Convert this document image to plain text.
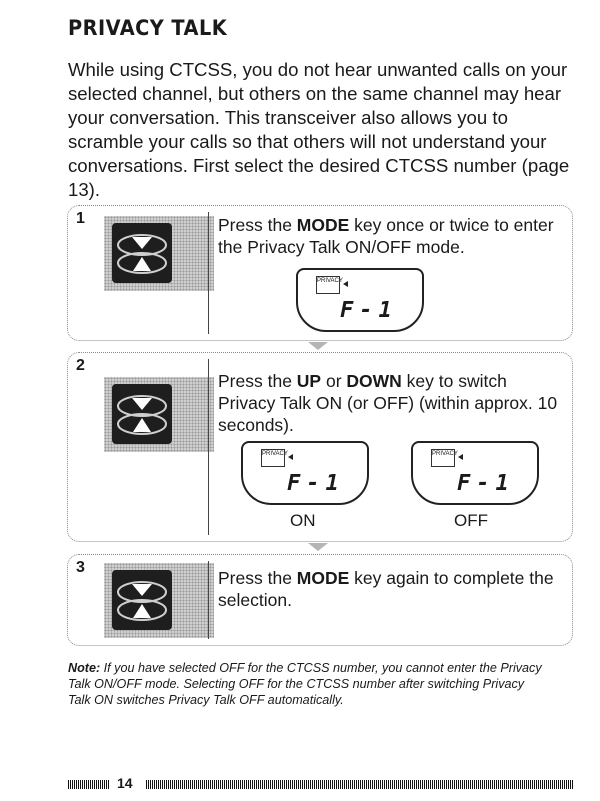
PRIVACY TALK
While using CTCSS, you do not hear unwanted calls on your selected channel, but others on the same channel may hear your conversation. This transceiver also allows you to scramble your calls so that others will not understand your conversations. First select the desired CTCSS number (page 13).
1	Press the MODE key once or twice to enter the Privacy Talk ON/OFF mode.
PRIVACY
F-1
2
Press the UP or DOWN key to switch Privacy Talk ON (or OFF) (within approx. 10 seconds).
PRIVACY
F-1
ON
PRIVACY
F-1
OFF
3
Press the MODE key again to complete the selection.
Note: If you have selected OFF for the CTCSS number, you cannot enter the Privacy Talk ON/OFF mode. Selecting OFF for the CTCSS number after switching Privacy Talk ON switches Privacy Talk OFF automatically.
14
